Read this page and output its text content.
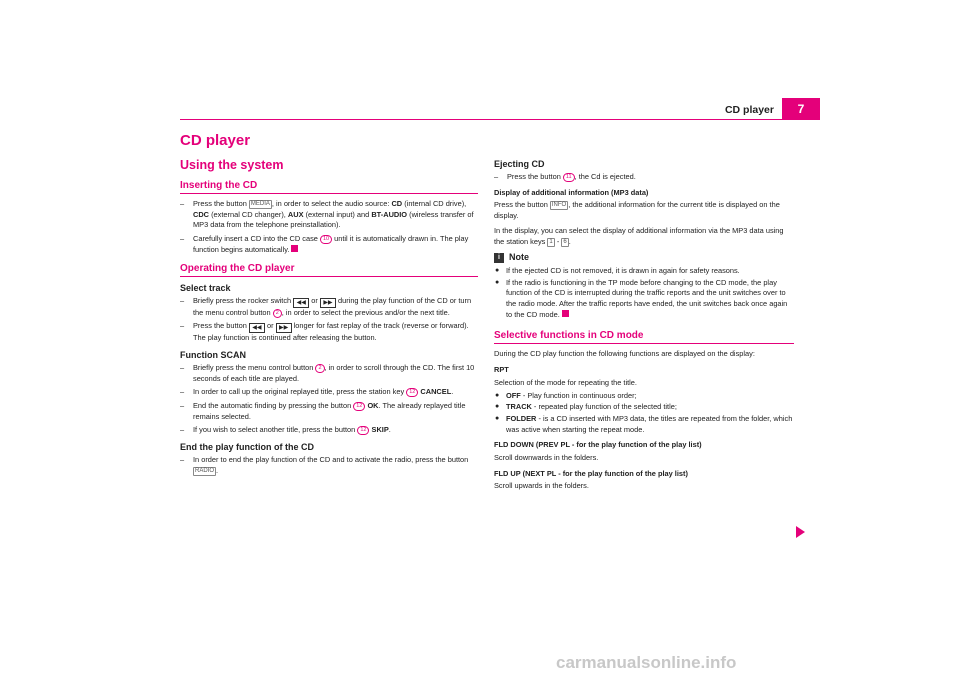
CD player	7
CD player
Using the system
Inserting the CD
– Press the button MEDIA , in order to select the audio source: CD (internal CD drive), CDC (external CD changer), AUX (external input) and BT-AUDIO (wireless transfer of MP3 data from the telephone preinstallation).
– Carefully insert a CD into the CD case 10 until it is automatically drawn in. The play function begins automatically.
Operating the CD player
Select track
– Briefly press the rocker switch ◀◀ or ▶▶ during the play function of the CD or turn the menu control button 2 , in order to select the previous and/or the next title.
– Press the button ◀◀ or ▶▶ longer for fast replay of the track (reverse or forward). The play function is continued after releasing the button.
Function SCAN
– Briefly press the menu control button 2 , in order to scroll through the CD. The first 10 seconds of each title are played.
– In order to call up the original replayed title, press the station key 12 CANCEL.
– End the automatic finding by pressing the button 12 OK. The already replayed title remains selected.
– If you wish to select another title, press the button 12 SKIP.
End the play function of the CD
– In order to end the play function of the CD and to activate the radio, press the button RADIO .
Ejecting CD
– Press the button 11 , the Cd is ejected.

Display of additional information (MP3 data)

Press the button INFO , the additional information for the current title is displayed on the display.

In the display, you can select the display of additional information via the MP3 data using the station keys 1 - 6 .

i	Note
● If the ejected CD is not removed, it is drawn in again for safety reasons.
● If the radio is functioning in the TP mode before changing to the CD mode, the play function of the CD is interrupted during the traffic reports and the unit switches over to the radio mode. After the traffic reports have ended, the unit switches back once again to the CD mode.
Selective functions in CD mode

During the CD play function the following functions are displayed on the display:

RPT

Selection of the mode for repeating the title.

● OFF - Play function in continuous order;
● TRACK - repeated play function of the selected title;
● FOLDER - is a CD inserted with MP3 data, the titles are repeated from the folder, which was active when starting the repeat mode.

FLD DOWN (PREV PL - for the play function of the play list)

Scroll downwards in the folders.

FLD UP (NEXT PL - for the play function of the play list)

Scroll upwards in the folders.

carmanualsonline.info
